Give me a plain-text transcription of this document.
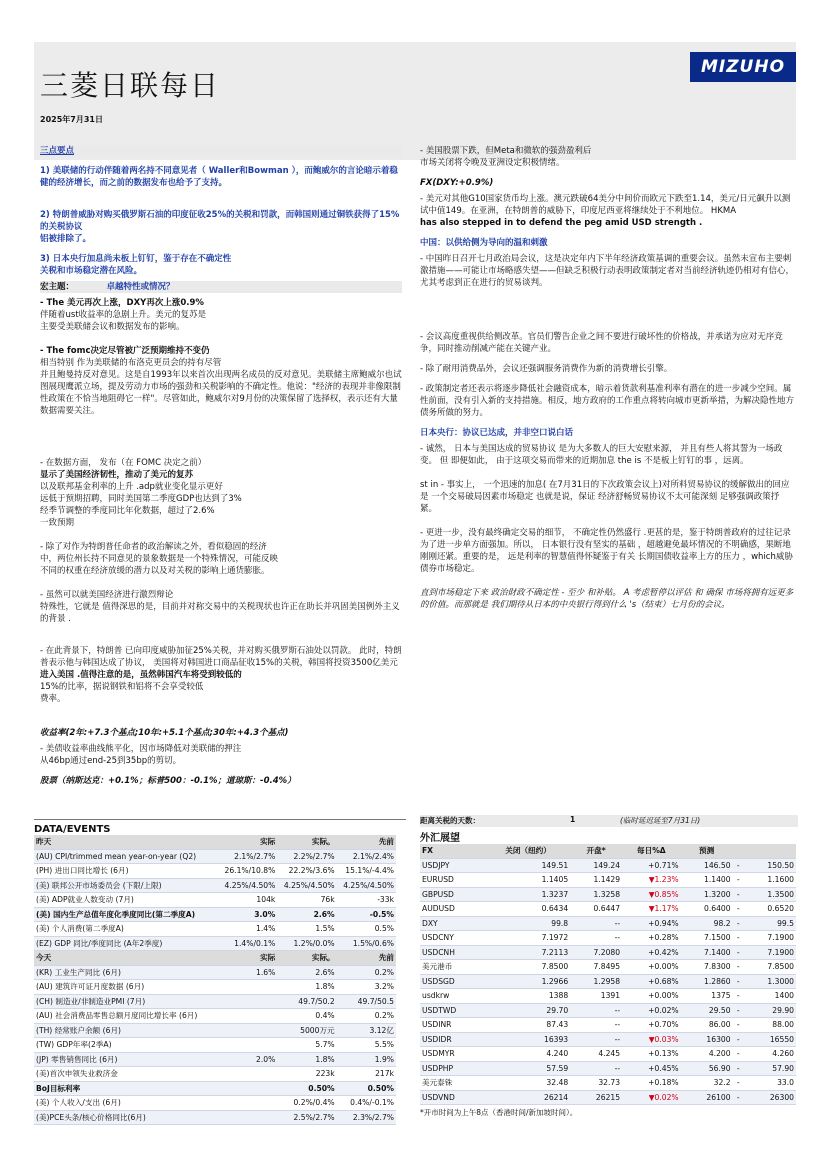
MIZUHO
三菱日联每日
2025年7月31日
三点要点
1) 美联储的行动伴随着两名持不同意见者（ Waller和Bowman ），而鲍威尔的言论暗示着稳健的经济增长，而之前的数据发布也给予了支持。
2) 特朗普威胁对购买俄罗斯石油的印度征收25%的关税和罚款，而韩国则通过铜铁获得了15%的关税协议
铝被排除了。
3) 日本央行加息尚未板上钉钉，鉴于存在不确定性
关税和市场稳定潜在风险。
宏主题：	卓越特性或情况？
- The 美元再次上涨，DXY再次上涨0.9%
伴随着ust收益率的急剧上升。美元的复苏是
主要受美联储会议和数据发布的影响。
- The fomc决定尽管被广泛预期维持不变仍
相当特别 作为美联储的布洛克更员会的持有尽管
并且鲍曼持反对意见。这是自1993年以来首次出现两名成员的反对意见。美联储主席鲍威尔也试图展现鹰派立场，提及劳动力市场的强劲和关税影响的不确定性。他说："经济的表现并非像限制性政策在不恰当地阻碍它一样"。尽管如此，鲍威尔对9月份的决策保留了选择权，表示还有大量数据需要关注。
- 在数据方面， 发布（在 FOMC 决定之前）
显示了美国经济韧性，推动了美元的复苏
以及联邦基金利率的上升 .adp就业变化显示更好
远低于预期招聘，同时美国第二季度GDP也达到了3%
经季节调整的季度同比年化数据，超过了2.6%
一致预期
- 除了对作为特朗普任命者的政治解读之外，看似稳固的经济中，两位州长持不同意见的景象数据是一个特殊情况，可能反映不同的权重在经济放缓的潜力以及对关税的影响上通货膨胀。
- 虽然可以就美国经济进行激烈辩论
特殊性，它就是 值得深思的是，目前并对称交易中的关税现状也许正在助长并巩固美国例外主义的背景 .
- 在此背景下，特朗普 已向印度威胁加征25%关税，并对购买俄罗斯石油处以罚款。 此时，特朗普表示他与韩国达成了协议， 美国将对韩国进口商品征收15%的关税，韩国将投资3500亿美元
进入美国 .值得注意的是，虽然韩国汽车将受到较低的
15%的比率，据说钢铁和铝将不会享受较低
费率。
收益率(2年:+7.3个基点;10年:+5.1个基点;30年:+4.3个基点)
- 美债收益率曲线熊平化，因市场降低对美联储的押注
从46bp通过end-25到35bp的剪切。
股票（纳斯达克：+0.1%；标普500：-0.1%；道琼斯：-0.4%）
- 美国股票下跌，但Meta和微软的强劲盈利后
市场关闭将令晚及亚洲设定积极情绪。
FX(DXY:+0.9%)
- 美元对其他G10国家货币均上涨。澳元跌破64美分中间价而欧元下跌至1.14，美元/日元飙升以测试中值149。在亚洲，在特朗普的威胁下，印度尼西亚将继续处于不利地位。 HKMA
has also stepped in to defend the peg amid USD strength .
中国：以供给侧为导向的温和刺激
- 中国昨日召开七月政治局会议，这是决定年内下半年经济政策基调的重要会议。虽然未宣布主要刺激措施——可能让市场略感失望——但缺乏积极行动表明政策制定者对当前经济轨迹仍相对有信心，尤其考虑到正在进行的贸易谈判。
- 会议高度重视供给侧改革。官员们警告企业之间不要进行破坏性的价格战，并承诺为应对无序竞争，同时推动削减产能在关键产业。
- 除了耐用消费品外，会议还强调服务消费作为新的消费增长引擎。
- 政策制定者还表示将逐步降低社会融资成本，暗示着货款利基准利率有潜在的进一步减少空间。属性前面，没有引入新的支持措施。相反，地方政府的工作重点将转向城市更新举措，为解决隐性地方债务所做的努力。
日本央行：协议已达成，并非空口说白话
- 诚然， 日本与美国达成的贸易协议 是为大多数人的巨大安慰来源， 并且有些人将其誓为一场政变。 但 即便如此， 由于这项交易而带来的近期加息 the is 不是板上钉钉的事 ，远离。
st in - 事实上， 一个迅速的加息( 在7月31日的下次政策会议上)对所料贸易协议的缓解做出的回应 是 一个交易破局因素市场稳定 也就是说，保证 经济舒畅贸易协议不太可能深刻 足够强调政策抒紧。
- 更进一步，没有最终确定交易的细节， 不确定性仍然盛行 .更甚的是，鉴于特朗普政府的过往记录为了进一步单方面强加。所以， 日本银行没有坚实的基础 ，超越避免最坏情况的不明确感，果断地刚刚还紧。重要的是， 远是利率的智慧值得怀疑鉴于有关 长期国债收益率上方的压力 ，which威胁债券市场稳定。
直到市场稳定下来 政治財政不确定性 - 至少 和补贴。 A 考虑暂停以评估 和 确保 市场将拥有远更多的价值。而那就是 我们期待从日本的中央银行得到什么 's（结束）七月份的会议。
DATA/EVENTS
昨天	实际	实际。	先前
(AU) CPI/trimmed mean year-on-year (Q2)	2.1%/2.7%	2.2%/2.7%	2.1%/2.4%
(PH) 进出口同比增长 (6月)	26.1%/10.8%	22.2%/3.6%	15.1%/-4.4%
(美) 联邦公开市场委员会 (下限/上限)	4.25%/4.50%	4.25%/4.50%	4.25%/4.50%
(美) ADP就业人数变动 (7月)	104k	76k	-33k
(美) 国内生产总值年度化季度同比(第二季度A)	3.0%	2.6%	-0.5%
(美) 个人消费(第二季度A)	1.4%	1.5%	0.5%
(EZ) GDP 同比/季度同比 (A年2季度)	1.4%/0.1%	1.2%/0.0%	1.5%/0.6%
今天	实际	实际。	先前
(KR) 工业生产同比 (6月)	1.6%	2.6%	0.2%
(AU) 建筑许可证月度数据 (6月)		1.8%	3.2%
(CH) 制造业/非制造业PMI (7月)		49.7/50.2	49.7/50.5
(AU) 社会消费品零售总额月度同比增长率 (6月)		0.4%	0.2%
(TH) 经常账户余额 (6月)		5000万元	3.12亿
(TW) GDP年率(2季A)		5.7%	5.5%
(JP) 零售销售同比 (6月)	2.0%	1.8%	1.9%
(美)首次申领失业救济金		223k	217k
BoJ目标利率		0.50%	0.50%
(美) 个人收入/支出 (6月)		0.2%/0.4%	0.4%/-0.1%
(美)PCE头条/核心价格同比(6月)		2.5%/2.7%	2.3%/2.7%
距离关税的天数：	1	(临时延迟延至7月31日)
外汇展望
FX	关闭（纽约）	开盘*	每日%Δ	预测		
USDJPY	149.51	149.24	+0.71%	146.50	-	150.50
EURUSD	1.1405	1.1429	▼1.23%	1.1400	-	1.1600
GBPUSD	1.3237	1.3258	▼0.85%	1.3200	-	1.3500
AUDUSD	0.6434	0.6447	▼1.17%	0.6400	-	0.6520
DXY	99.8	--	+0.94%	98.2	-	99.5
USDCNY	7.1972	--	+0.28%	7.1500	-	7.1900
USDCNH	7.2113	7.2080	+0.42%	7.1400	-	7.1900
美元港币	7.8500	7.8495	+0.00%	7.8300	-	7.8500
USDSGD	1.2966	1.2958	+0.68%	1.2860	-	1.3000
usdkrw	1388	1391	+0.00%	1375	-	1400
USDTWD	29.70	--	+0.02%	29.50	-	29.90
USDINR	87.43	--	+0.70%	86.00	-	88.00
USDIDR	16393	--	▼0.03%	16300	-	16550
USDMYR	4.240	4.245	+0.13%	4.200	-	4.260
USDPHP	57.59	--	+0.45%	56.90	-	57.90
美元泰铢	32.48	32.73	+0.18%	32.2	-	33.0
USDVND	26214	26215	▼0.02%	26100	-	26300
*开市时间为上午8点（香港时间/新加坡时间）。
